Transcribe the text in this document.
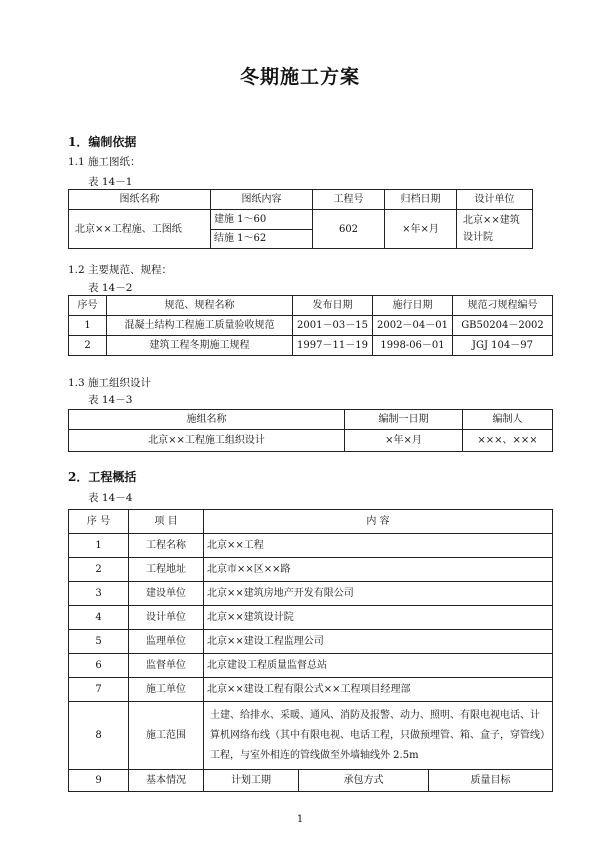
冬期施工方案
1．编制依据
1.1 施工图纸：
表 14－1
图纸名称	图纸内容	工程号	归档日期	设计单位
北京××工程施、工图纸	建施 1～60	602	×年×月	北京××建筑设计院
	结施 1～62			
1.2 主要规范、规程：
表 14－2
序号	规范、规程名称	发布日期	施行日期	规范刁规程编号
1	混凝土结构工程施工质量验收规范	2001－03－15	2002－04－01	GB50204－2002
2	建筑工程冬期施工规程	1997－11－19	1998-06－01	JGJ 104－97
1.3 施工组织设计
表 14－3
施组名称	编制一日期	编制人
北京××工程施工组织设计	×年×月	×××、×××
2．工程概括
表 14－4
序 号	项 目	内 容		
1	工程名称	北京××工程		
2	工程地址	北京市××区××路		
3	建设单位	北京××建筑房地产开发有限公司		
4	设计单位	北京××建筑设计院		
5	监理单位	北京××建设工程监理公司		
6	监督单位	北京建设工程质量监督总站		
7	施工单位	北京××建设工程有限公式××工程项目经理部		
8	施工范围	土建、给排水、采暖、通风、消防及报警、动力、照明、有限电视电话、计算机网络布线（其中有限电视、电话工程，只做预埋管、箱、盒子，穿管线）工程，与室外相连的管线做至外墙轴线外 2.5m		
9	基本情况	计划工期	承包方式	质量目标
1
